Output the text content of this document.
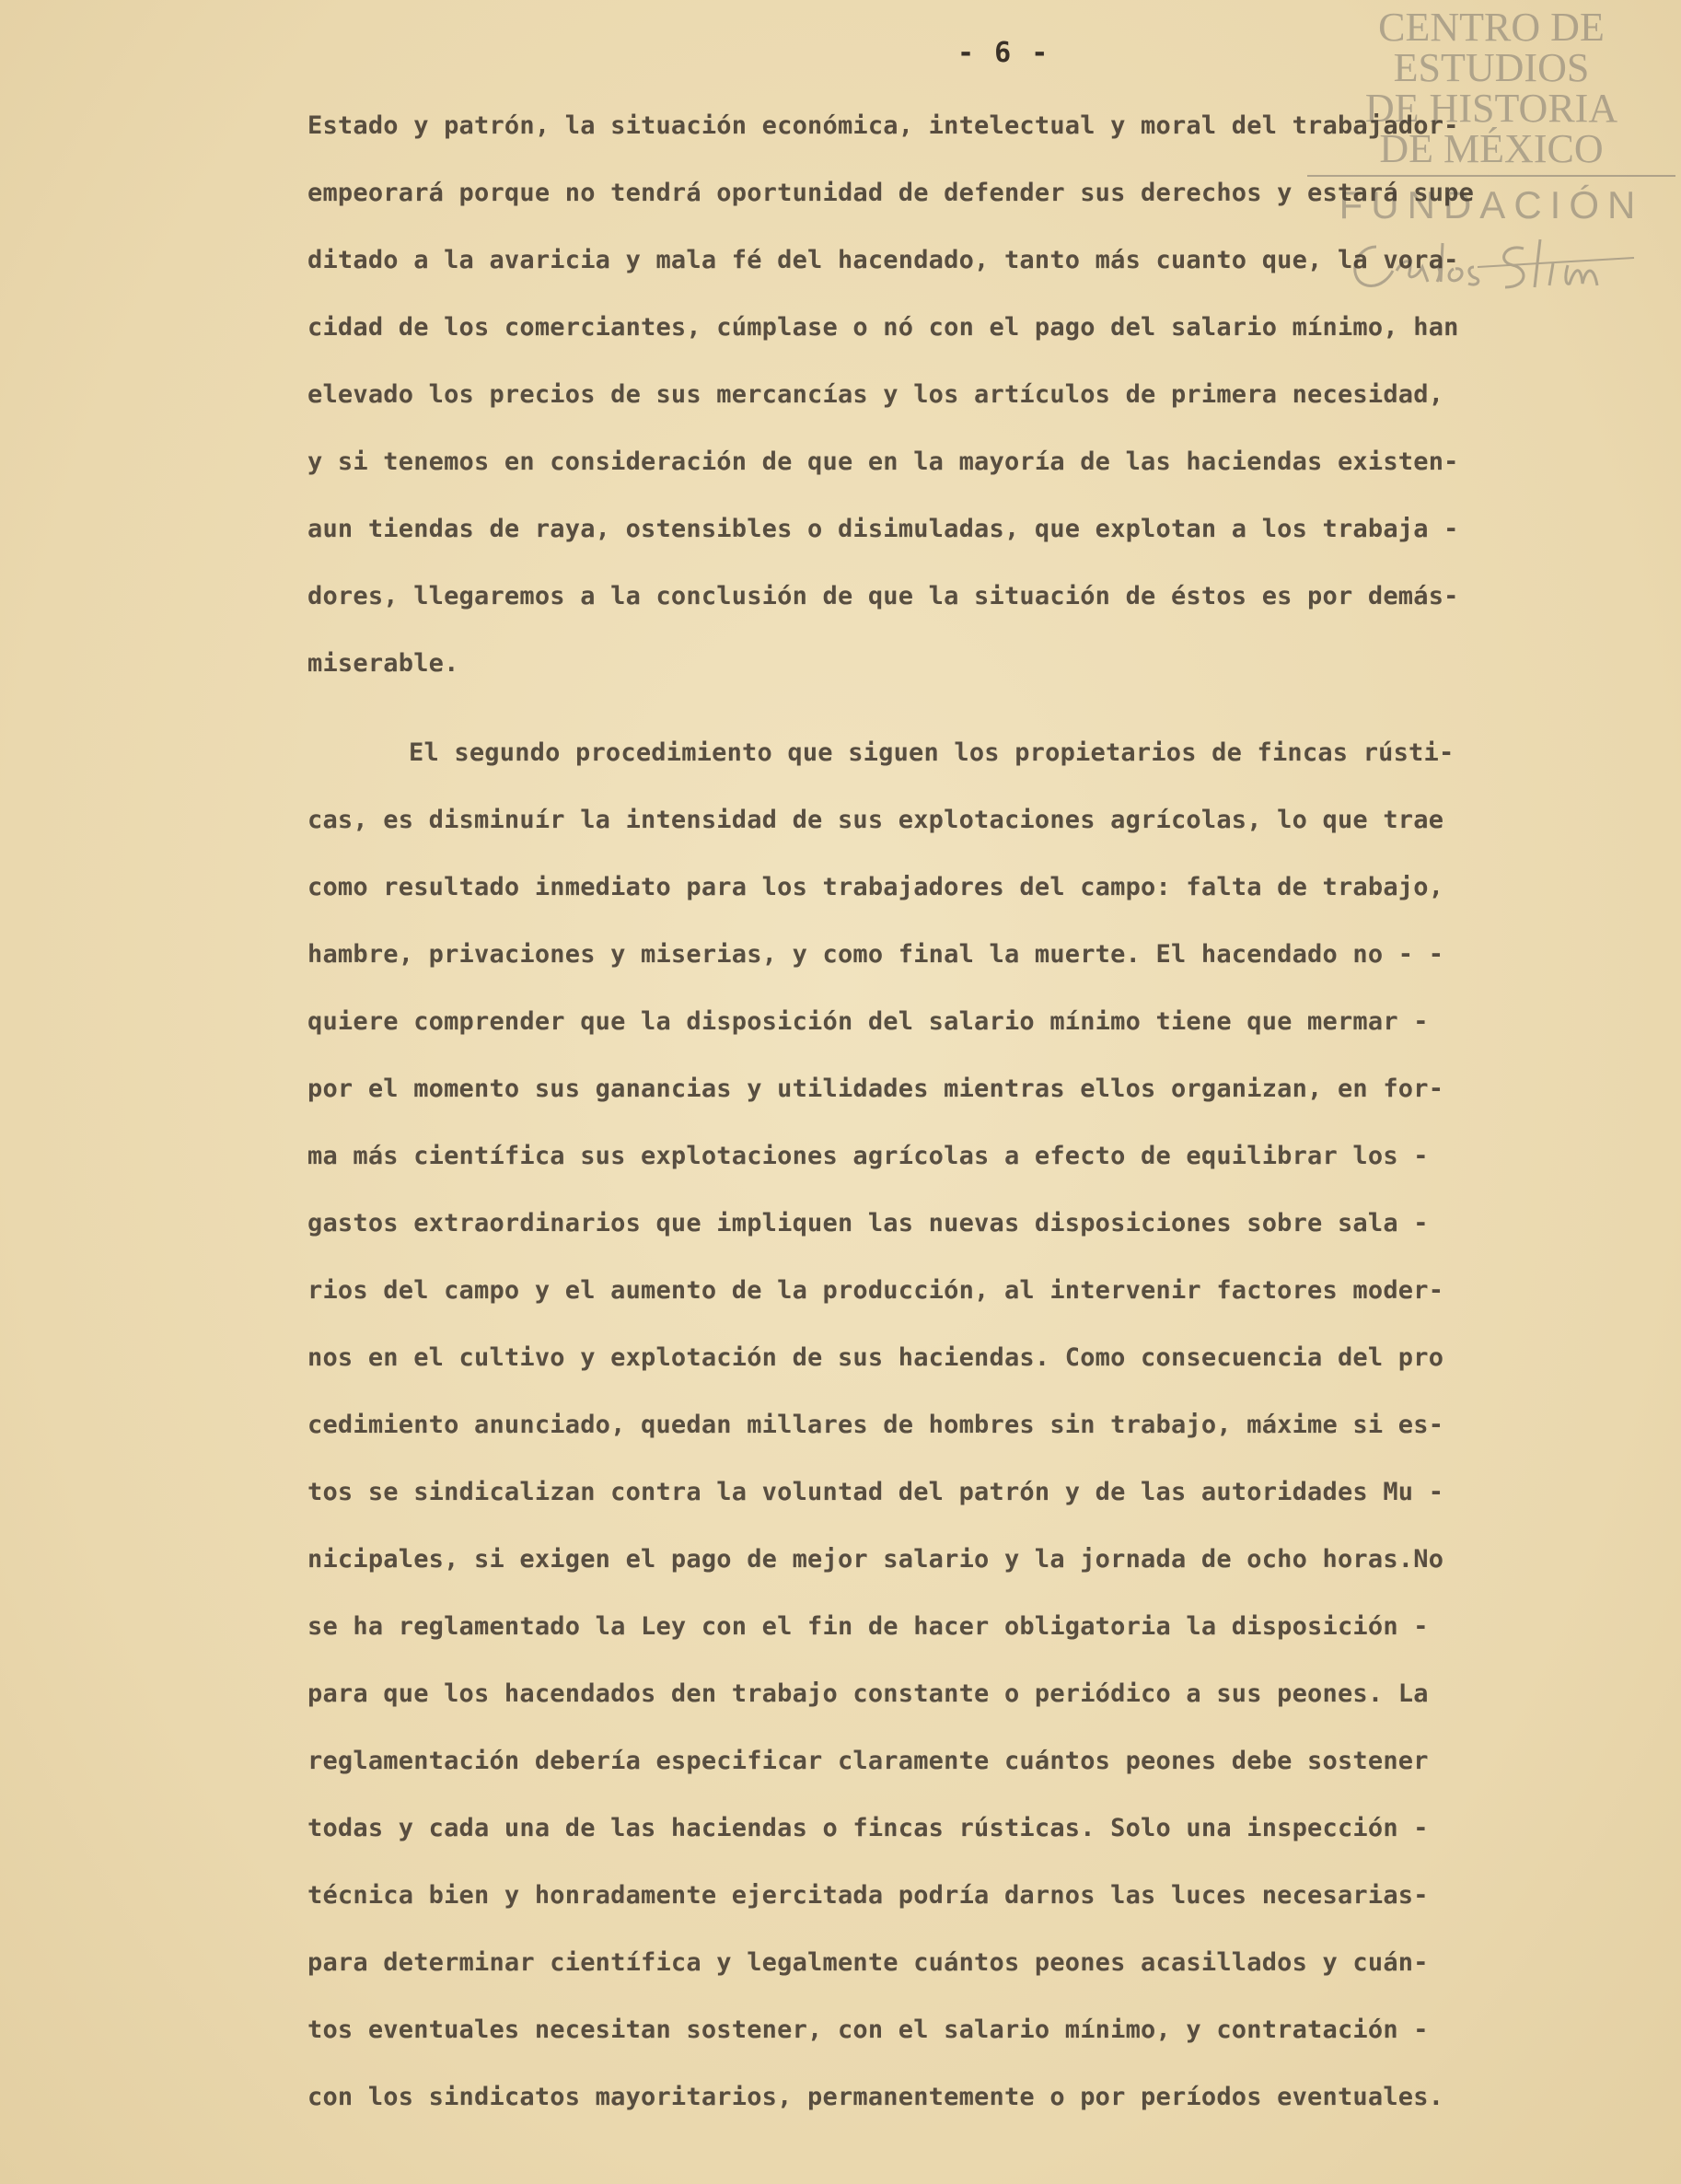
- 6 -
CENTRO DE
ESTUDIOS
DE HISTORIA
DE MÉXICO
FUNDACIÓN
Estado y patrón, la situación económica, intelectual y moral del trabajador-
empeorará porque no tendrá oportunidad de defender sus derechos y estará supe
ditado a la avaricia y mala fé del hacendado, tanto más cuanto que, la vora-
cidad de los comerciantes, cúmplase o nó con el pago del salario mínimo, han
elevado los precios de sus mercancías y los artículos de primera necesidad,
y si tenemos en consideración de que en la mayoría de las haciendas existen-
aun tiendas de raya, ostensibles o disimuladas, que explotan a los trabaja -
dores, llegaremos a la conclusión de que la situación de éstos es por demás-
miserable.
El segundo procedimiento que siguen los propietarios de fincas rústi-
cas, es disminuír la intensidad de sus explotaciones agrícolas, lo que trae
como resultado inmediato para los trabajadores del campo: falta de trabajo,
hambre, privaciones y miserias, y como final la muerte. El hacendado no - -
quiere comprender que la disposición del salario mínimo tiene que mermar -
por el momento sus ganancias y utilidades mientras ellos organizan, en for-
ma más científica sus explotaciones agrícolas a efecto de equilibrar los -
gastos extraordinarios que impliquen las nuevas disposiciones sobre sala -
rios del campo y el aumento de la producción, al intervenir factores moder-
nos en el cultivo y explotación de sus haciendas. Como consecuencia del pro
cedimiento anunciado, quedan millares de hombres sin trabajo, máxime si es-
tos se sindicalizan contra la voluntad del patrón y de las autoridades Mu -
nicipales, si exigen el pago de mejor salario y la jornada de ocho horas.No
se ha reglamentado la Ley con el fin de hacer obligatoria la disposición -
para que los hacendados den trabajo constante o periódico a sus peones. La
reglamentación debería especificar claramente cuántos peones debe sostener
todas y cada una de las haciendas o fincas rústicas. Solo una inspección -
técnica bien y honradamente ejercitada podría darnos las luces necesarias-
para determinar científica y legalmente cuántos peones acasillados y cuán-
tos eventuales necesitan sostener, con el salario mínimo, y contratación -
con los sindicatos mayoritarios, permanentemente o por períodos eventuales.
